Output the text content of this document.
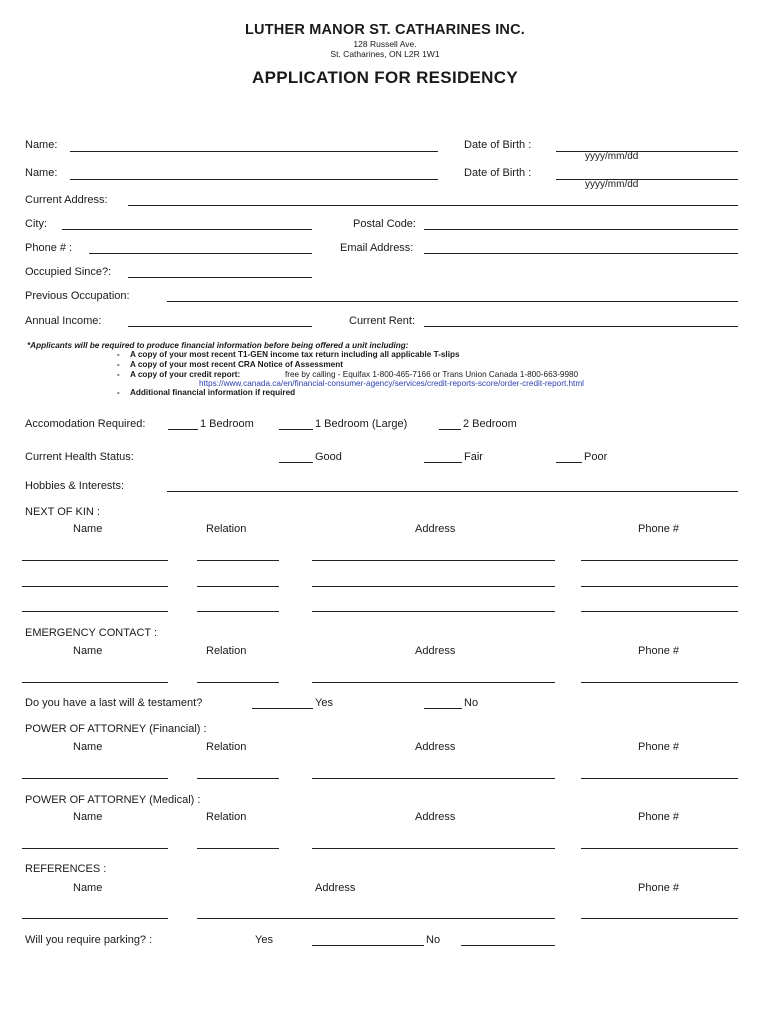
LUTHER MANOR ST. CATHARINES INC.
128 Russell Ave.
St. Catharines, ON L2R 1W1
APPLICATION FOR RESIDENCY
Name:	Date of Birth :
yyyy/mm/dd
Name:	Date of Birth :
yyyy/mm/dd
Current Address:
City:	Postal Code:
Phone # :	Email Address:
Occupied Since?:
Previous Occupation:
Annual Income:	Current Rent:
*Applicants will be required to produce financial information before being offered a unit including:
- A copy of your most recent T1-GEN income tax return including all applicable T-slips
- A copy of your most recent CRA Notice of Assessment
- A copy of your credit report:	free by calling - Equifax 1-800-465-7166 or Trans Union Canada 1-800-663-9980
https://www.canada.ca/en/financial-consumer-agency/services/credit-reports-score/order-credit-report.html
- Additional financial information if required
Accomodation Required:	1 Bedroom	1 Bedroom (Large)	2 Bedroom
Current Health Status:	Good	Fair	Poor
Hobbies & Interests:
NEXT OF KIN :
Name	Relation	Address	Phone #
EMERGENCY CONTACT :
Name	Relation	Address	Phone #
Do you have a last will & testament?	Yes	No
POWER OF ATTORNEY (Financial) :
Name	Relation	Address	Phone #
POWER OF ATTORNEY (Medical) :
Name	Relation	Address	Phone #
REFERENCES :
Name	Address	Phone #
Will you require parking? :	Yes	No
